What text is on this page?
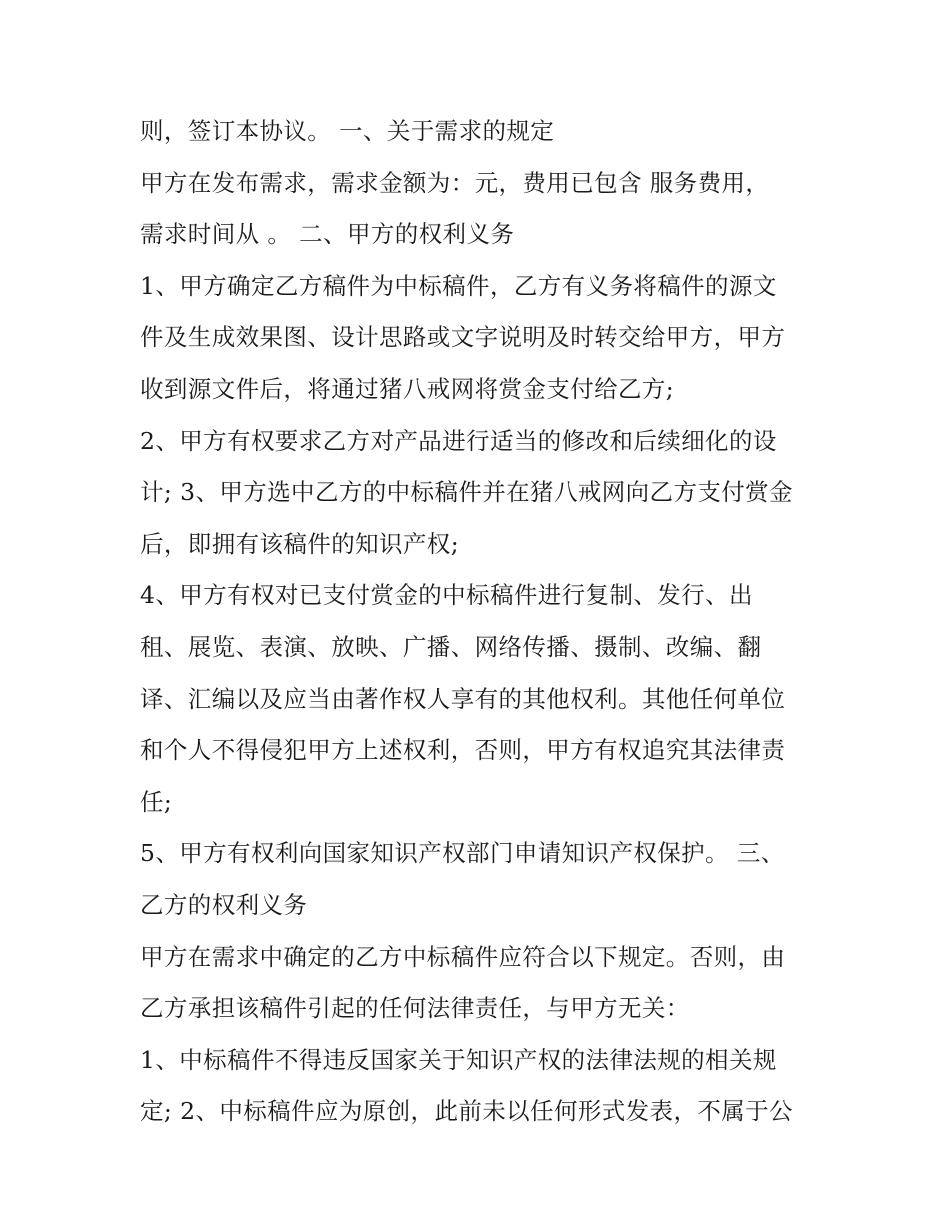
则，签订本协议。 一、关于需求的规定
甲方在发布需求，需求金额为：元，费用已包含 服务费用，
需求时间从 。 二、甲方的权利义务
1、甲方确定乙方稿件为中标稿件，乙方有义务将稿件的源文
件及生成效果图、设计思路或文字说明及时转交给甲方，甲方
收到源文件后，将通过猪八戒网将赏金支付给乙方;
2、甲方有权要求乙方对产品进行适当的修改和后续细化的设
计; 3、甲方选中乙方的中标稿件并在猪八戒网向乙方支付赏金
后，即拥有该稿件的知识产权;
4、甲方有权对已支付赏金的中标稿件进行复制、发行、出
租、展览、表演、放映、广播、网络传播、摄制、改编、翻
译、汇编以及应当由著作权人享有的其他权利。其他任何单位
和个人不得侵犯甲方上述权利，否则，甲方有权追究其法律责
任;
5、甲方有权利向国家知识产权部门申请知识产权保护。 三、
乙方的权利义务
甲方在需求中确定的乙方中标稿件应符合以下规定。否则，由
乙方承担该稿件引起的任何法律责任，与甲方无关：
1、中标稿件不得违反国家关于知识产权的法律法规的相关规
定; 2、中标稿件应为原创，此前未以任何形式发表，不属于公
